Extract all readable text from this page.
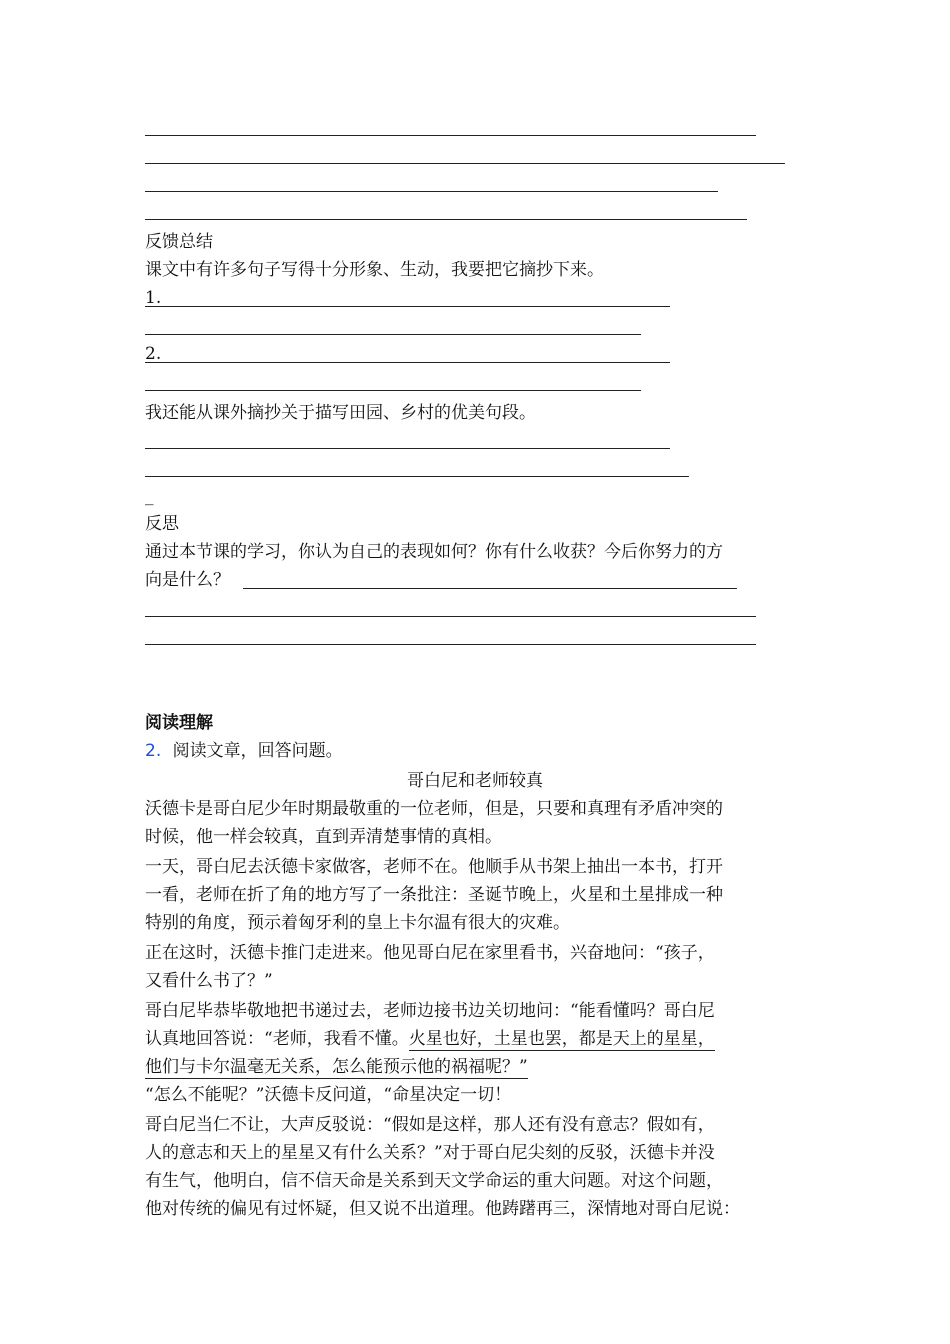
反馈总结
课文中有许多句子写得十分形象、生动，我要把它摘抄下来。
1.
2.
我还能从课外摘抄关于描写田园、乡村的优美句段。
_
反思
通过本节课的学习，你认为自己的表现如何？你有什么收获？今后你努力的方
向是什么？
阅读理解
2. 阅读文章，回答问题。
哥白尼和老师较真
沃德卡是哥白尼少年时期最敬重的一位老师，但是，只要和真理有矛盾冲突的
时候，他一样会较真，直到弄清楚事情的真相。
一天，哥白尼去沃德卡家做客，老师不在。他顺手从书架上抽出一本书，打开
一看，老师在折了角的地方写了一条批注：圣诞节晚上，火星和土星排成一种
特别的角度，预示着匈牙利的皇上卡尔温有很大的灾难。
正在这时，沃德卡推门走进来。他见哥白尼在家里看书，兴奋地问：“孩子，
又看什么书了？”
哥白尼毕恭毕敬地把书递过去，老师边接书边关切地问：“能看懂吗？哥白尼
认真地回答说：“老师，我看不懂。火星也好，土星也罢，都是天上的星星，
他们与卡尔温毫无关系，怎么能预示他的祸福呢？”
“怎么不能呢？”沃德卡反问道，“命星决定一切！
哥白尼当仁不让，大声反驳说：“假如是这样，那人还有没有意志？假如有，
人的意志和天上的星星又有什么关系？”对于哥白尼尖刻的反驳，沃德卡并没
有生气，他明白，信不信天命是关系到天文学命运的重大问题。对这个问题，
他对传统的偏见有过怀疑，但又说不出道理。他踌躇再三，深情地对哥白尼说：
